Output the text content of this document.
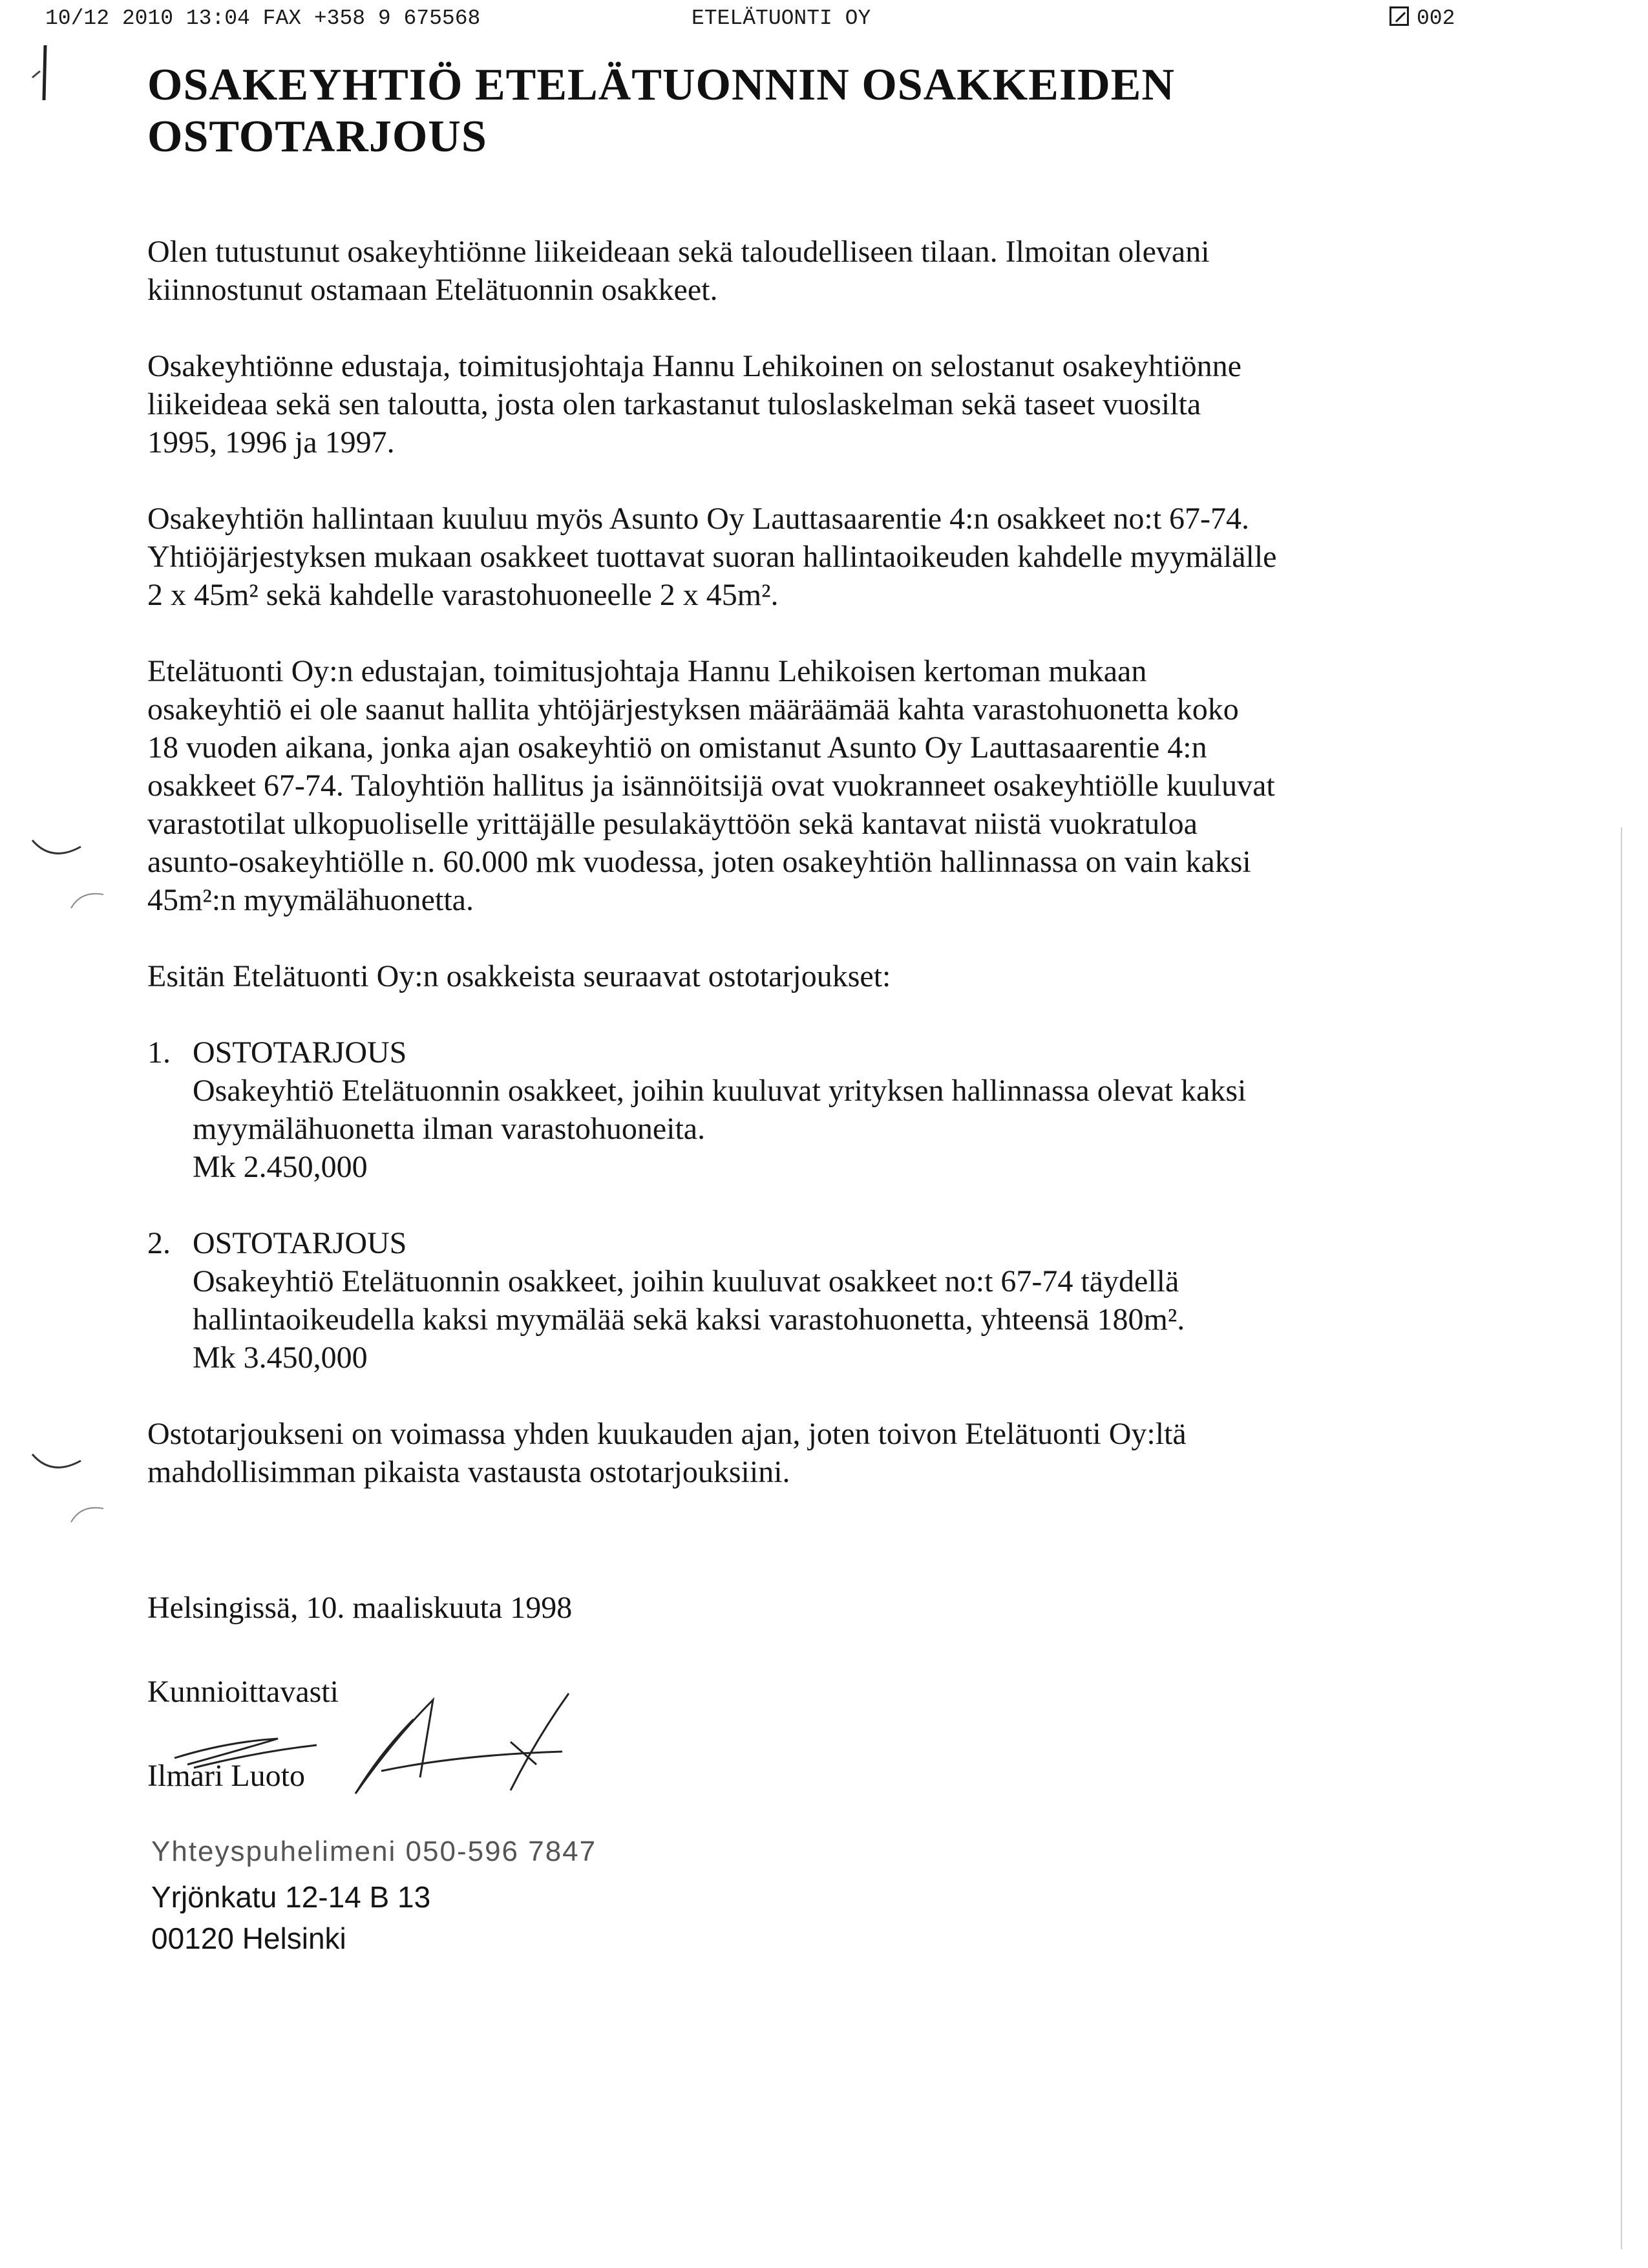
10/12 2010 13:04 FAX +358 9 675568	ETELÄTUONTI OY	002
OSAKEYHTIÖ ETELÄTUONNIN OSAKKEIDEN
OSTOTARJOUS
Olen tutustunut osakeyhtiönne liikeideaan sekä taloudelliseen tilaan. Ilmoitan olevani
kiinnostunut ostamaan Etelätuonnin osakkeet.
Osakeyhtiönne edustaja, toimitusjohtaja Hannu Lehikoinen on selostanut osakeyhtiönne
liikeideaa sekä sen taloutta, josta olen tarkastanut tuloslaskelman sekä taseet vuosilta
1995, 1996 ja 1997.
Osakeyhtiön hallintaan kuuluu myös Asunto Oy Lauttasaarentie 4:n osakkeet no:t 67-74.
Yhtiöjärjestyksen mukaan osakkeet tuottavat suoran hallintaoikeuden kahdelle myymälälle
2 x 45m² sekä kahdelle varastohuoneelle 2 x 45m².
Etelätuonti Oy:n edustajan, toimitusjohtaja Hannu Lehikoisen kertoman mukaan
osakeyhtiö ei ole saanut hallita yhtöjärjestyksen määräämää kahta varastohuonetta koko
18 vuoden aikana, jonka ajan osakeyhtiö on omistanut Asunto Oy Lauttasaarentie 4:n
osakkeet 67-74. Taloyhtiön hallitus ja isännöitsijä ovat vuokranneet osakeyhtiölle kuuluvat
varastotilat ulkopuoliselle yrittäjälle pesulakäyttöön sekä kantavat niistä vuokratuloa
asunto-osakeyhtiölle n. 60.000 mk vuodessa, joten osakeyhtiön hallinnassa on vain kaksi
45m²:n myymälähuonetta.
Esitän Etelätuonti Oy:n osakkeista seuraavat ostotarjoukset:
1. OSTOTARJOUS
Osakeyhtiö Etelätuonnin osakkeet, joihin kuuluvat yrityksen hallinnassa olevat kaksi
myymälähuonetta ilman varastohuoneita.
Mk 2.450,000
2. OSTOTARJOUS
Osakeyhtiö Etelätuonnin osakkeet, joihin kuuluvat osakkeet no:t 67-74 täydellä
hallintaoikeudella kaksi myymälää sekä kaksi varastohuonetta, yhteensä 180m².
Mk 3.450,000
Ostotarjoukseni on voimassa yhden kuukauden ajan, joten toivon Etelätuonti Oy:ltä
mahdollisimman pikaista vastausta ostotarjouksiini.
Helsingissä, 10. maaliskuuta 1998
Kunnioittavasti
Ilmari Luoto
Yhteyspuhelimeni 050-596 7847
Yrjönkatu 12-14 B 13
00120 Helsinki
